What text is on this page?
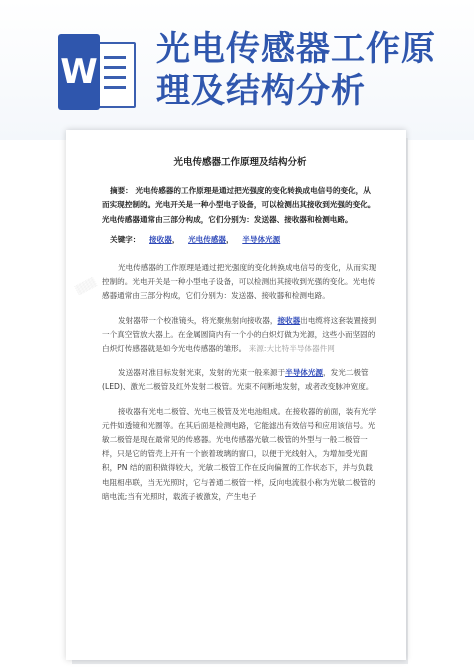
W
光电传感器工作原理及结构分析
▒▒▒
光电传感器工作原理及结构分析
摘要： 光电传感器的工作原理是通过把光强度的变化转换成电信号的变化，从而实现控制的。光电开关是一种小型电子设备，可以检测出其接收到光强的变化。光电传感器通常由三部分构成，它们分别为：发送器、接收器和检测电路。
关键字： 接收器， 光电传感器， 半导体光源

光电传感器的工作原理是通过把光强度的变化转换成电信号的变化，从而实现控制的。光电开关是一种小型电子设备，可以检测出其接收到光强的变化。光电传感器通常由三部分构成，它们分别为：发送器、接收器和检测电路。

发射器带一个校准镜头，将光聚焦射向接收器，接收器出电缆将这套装置接到一个真空管放大器上。在金属圆筒内有一个小的白炽灯做为光源，这些小而坚固的白炽灯传感器就是如今光电传感器的雏形。 来源:大比特半导体器件网

发送器对准目标发射光束，发射的光束一般来源于半导体光源，发光二极管(LED)、激光二极管及红外发射二极管。光束不间断地发射，或者改变脉冲宽度。

接收器有光电二极管、光电三极管及光电池组成。在接收器的前面，装有光学元件如透镜和光圈等。在其后面是检测电路，它能滤出有效信号和应用该信号。光敏二极管是现在最常见的传感器。光电传感器光敏二极管的外型与一般二极管一样，只是它的管壳上开有一个嵌着玻璃的窗口，以便于光线射入，为增加受光面积，PN 结的面积做得较大，光敏二极管工作在反向偏置的工作状态下，并与负载电阻相串联，当无光照时，它与普通二极管一样，反向电流很小称为光敏二极管的暗电流;当有光照时，载流子被激发，产生电子
